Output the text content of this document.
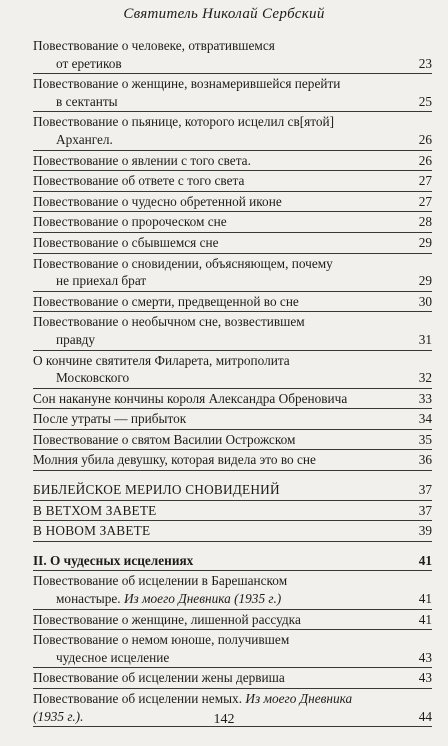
Святитель Николай Сербский
Повествование о человеке, отвратившемся
от еретиков	23
Повествование о женщине, вознамерившейся перейти
в сектанты	25
Повествование о пьянице, которого исцелил св[ятой]
Архангел.	26
Повествование о явлении с того света.	26
Повествование об ответе с того света	27
Повествование о чудесно обретенной иконе	27
Повествование о пророческом сне	28
Повествование о сбывшемся сне	29
Повествование о сновидении, объясняющем, почему
не приехал брат	29
Повествование о смерти, предвещенной во сне	30
Повествование о необычном сне, возвестившем
правду	31
О кончине святителя Филарета, митрополита
Московского	32
Сон накануне кончины короля Александра Обреновича	33
После утраты — прибыток	34
Повествование о святом Василии Острожском	35
Молния убила девушку, которая видела это во сне	36
БИБЛЕЙСКОЕ МЕРИЛО СНОВИДЕНИЙ	37
В ВЕТХОМ ЗАВЕТЕ	37
В НОВОМ ЗАВЕТЕ	39
II. О чудесных исцелениях	41
Повествование об исцелении в Барешанском
монастыре. Из моего Дневника (1935 г.)	41
Повествование о женщине, лишенной рассудка	41
Повествование о немом юноше, получившем
чудесное исцеление	43
Повествование об исцелении жены дервиша	43
Повествование об исцелении немых. Из моего Дневника
(1935 г.).	44
142
